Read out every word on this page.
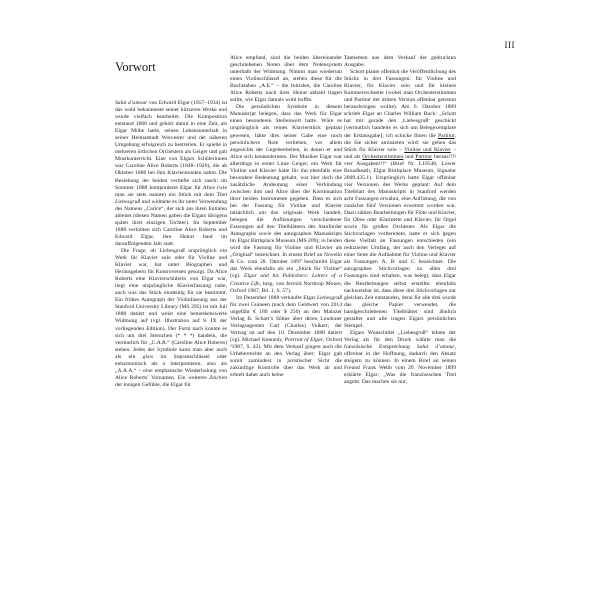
III
Vorwort

Salut d’amour von Edward Elgar (1857–1934) ist das wohl bekannteste seiner kürzeren Werke und wurde vielfach bearbeitet. Die Komposition entstand 1888 und gehört damit in eine Zeit, als Elgar Mühe hatte, seinen Lebensunterhalt in seiner Heimatstadt Worcester und der näheren Umgebung erfolgreich zu bestreiten. Er spielte in mehreren örtlichen Orchestern als Geiger und gab Musikunterricht. Eine von Elgars Schülerinnen war Caroline Alice Roberts (1848–1920), die ab Oktober 1886 bei ihm Klavierstunden nahm. Die Beziehung der beiden vertiefte sich rasch: im Sommer 1888 komponierte Elgar für Alice (wie man sie stets nannte) ein Stück mit dem Titel Liebesgruß und widmete es ihr unter Verwendung des Namens „Carice“, der sich aus ihren Initialen ableitet (diesen Namen gaben die Elgars übrigens später ihrer einzigen Tochter). Im September 1888 verlobten sich Caroline Alice Roberts und Edward Elgar, ihre Heirat fand im darauffolgenden Jahr statt.

Die Frage, ob Liebesgruß ursprünglich ein Werk für Klavier solo oder für Violine und Klavier war, hat unter Biographen und Herausgebern für Kontroversen gesorgt. Da Alice Roberts eine Klavierschülerin von Elgar war, liegt eine ursprüngliche Klavierfassung nahe, auch was das Stück eindeutig für sie bestimmt. Ein frühes Autograph der Violinfassung aus der Stanford University Library (MS 295) ist mit Juli 1888 datiert und weist eine bemerkenswerte Widmung auf (vgl. Illustration auf S. IX der vorliegenden Edition). Der Form nach konnte es sich um drei Sternchen (* * *) handeln, die vermutlich für „C.A.R.“ (Caroline Alice Roberts) stehen. Jedes der Symbole kann man aber auch als ein gisis im Sopranschlüssel oder enharmonisch als a interpretieren, also als „A.A.A.“ – eine emphatische Wiederholung von Alice Roberts’ Vornamen. Ein weiteres Zeichen der innigen Gefühle, die Elgar für

Alice empfand, sind die beiden übereinander geschriebenen Noten über dem Notensystem unterhalb der Widmung. Nimmt man wiederum einen Violinschlüssel an, stehen diese für die Buchstaben „A.E.“ – die Initialen, die Caroline Alice Roberts nach ihrer Heirat abbald tragen sollte, wie Elgar damals wohl hoffte.

Die persönlichen Symbole in diesem Manuskript belegen, dass das Werk für Elgar einen besonderen Stellenwert hatte. Wäre es ursprünglich als reines Klavierstück geplant gewesen, hätte dies seiner Gabe eine noch persönlichere Note verliehen, vor allem angesichts der Gegebenheiten, in denen er und Alice sich kennenlernten. Der Musiker Elgar war allerdings in erster Linie Geiger; ein Werk für Violine und Klavier hätte für ihn ebenfalls eine besondere Bedeutung gehabt, war hier doch die zusätzliche Andeutung einer Verbindung zwischen ihm und Alice über die Kombination ihrer beiden Instrumente gegeben. Dass es sich bei der Fassung für Violine und Klavier tatsächlich um das originale Werk handelt, belegen die Auflistungen verschiedener Fassungen auf den Titelblättern des Stanforder Autographs sowie des autographen Manuskripts im Elgar Birthplace Museum (MS 209); in beiden wird die Fassung für Violine und Klavier als „Original“ bezeichnet. In einem Brief an Novello & Co. vom 28. Oktober 1897 beschreibt Elgar das Werk ebenfalls als ein „Stück für Violine“ (vgl. Elgar and his Publishers: Letters of a Creative Life, hrsg. von Jerrold Northrop Moore, Oxford 1987, Bd. 1, S. 57).

Im Dezember 1888 verkaufte Elgar Liebesgruß für zwei Guineen (nach dem Geldwert von 2014 ungefähr € 180 oder $ 250) an den Mainzer Verlag B. Schott’s Söhne über deren Londoner Verlagsagenten Carl (Charles) Volkert; der Vertrag ist auf den 10. Dezember 1888 datiert (vgl. Michael Kennedy, Portrait of Elgar, Oxford ³1987, S. 42). Mit dem Verkauf gingen auch die Urheberrechte an den Verlag über; Elgar gab somit zumindest in juristischer Sicht die zukünftige Kontrolle über das Werk ab und erhielt daher auch keine

Tantiemen aus dem Verkauf der gedruckten Ausgabe.

Schott plante offenbar die Veröffentlichung des Stücks in drei Fassungen: für Violine und Klavier, für Klavier solo und für kleines Kammerorchester (wobei man Orchesterstimmen und Partitur der dritten Version offenbar getrennt herausbringen wollte). Am 6. Oktober 1889 schrieb Elgar an Charles William Buck: „Schott hat mir gerade den ‚Liebesgruß‘ geschickt [vermutlich handelte es sich um Belegexemplare der Erstausgabe]; ich schicke Ihnen die Partitur, die Sie sicher amüsieren wird: sie geben das Stück für Klavier solo – Violine und Klavier – und als Orchesterstimmen und Partitur heraus!!!! vier Ausgaben!!!“ (Brief Nr. L10548, Lower Broadheath, Elgar Birthplace Museum, Signatur 2009.435.1). Ursprünglich hatte Elgar offenbar vier Versionen des Werks geplant: Auf dem Titelblatt des Manuskripts in Stanford werden acht Fassungen erwähnt, eine Auflistung, die von zunächst fünf Versionen erweitert worden war. Dazu zählen Bearbeitungen für Flöte und Klavier, für Oboe oder Klarinette und Klavier, für Orgel sowie für großes Orchester. Als Elgar die Stichvorlagen vorbereitete, hatte er sich gegen diese Vielfalt an Fassungen entschieden (ein reduzierter Umfang, der auch den Verleger auf einer Seite die Aufnahme für Violine und Klavier als Fassungen A, B und C bezeichnet. Die autographen Stichvorlagen zu allen drei Fassungen sind erhalten, was belegt, dass Elgar die Bearbeitungen selbst erstellte; ebenfalls nachweisbar ist, dass diese drei Stichvorlagen zur gleichen Zeit entstanden, denn für alle drei wurde das gleiche Papier verwendet, die handgeschriebenen Titelblätter sind ähnlich gestaltet und alle tragen Elgars persönlichen Stempel.

Elgars Wunschtitel „Liebesgruß“ lehnte der Verlag als für den Druck wählte man die französische Entsprechung Salut d’amour, offenbar in der Hoffnung, dadurch den Absatz steigern zu können. In einem Brief an seinen Freund Frank Webb vom 29. November 1899 erklärte Elgar: „Was die französischen Titel angeht: Das machen sie nur,
